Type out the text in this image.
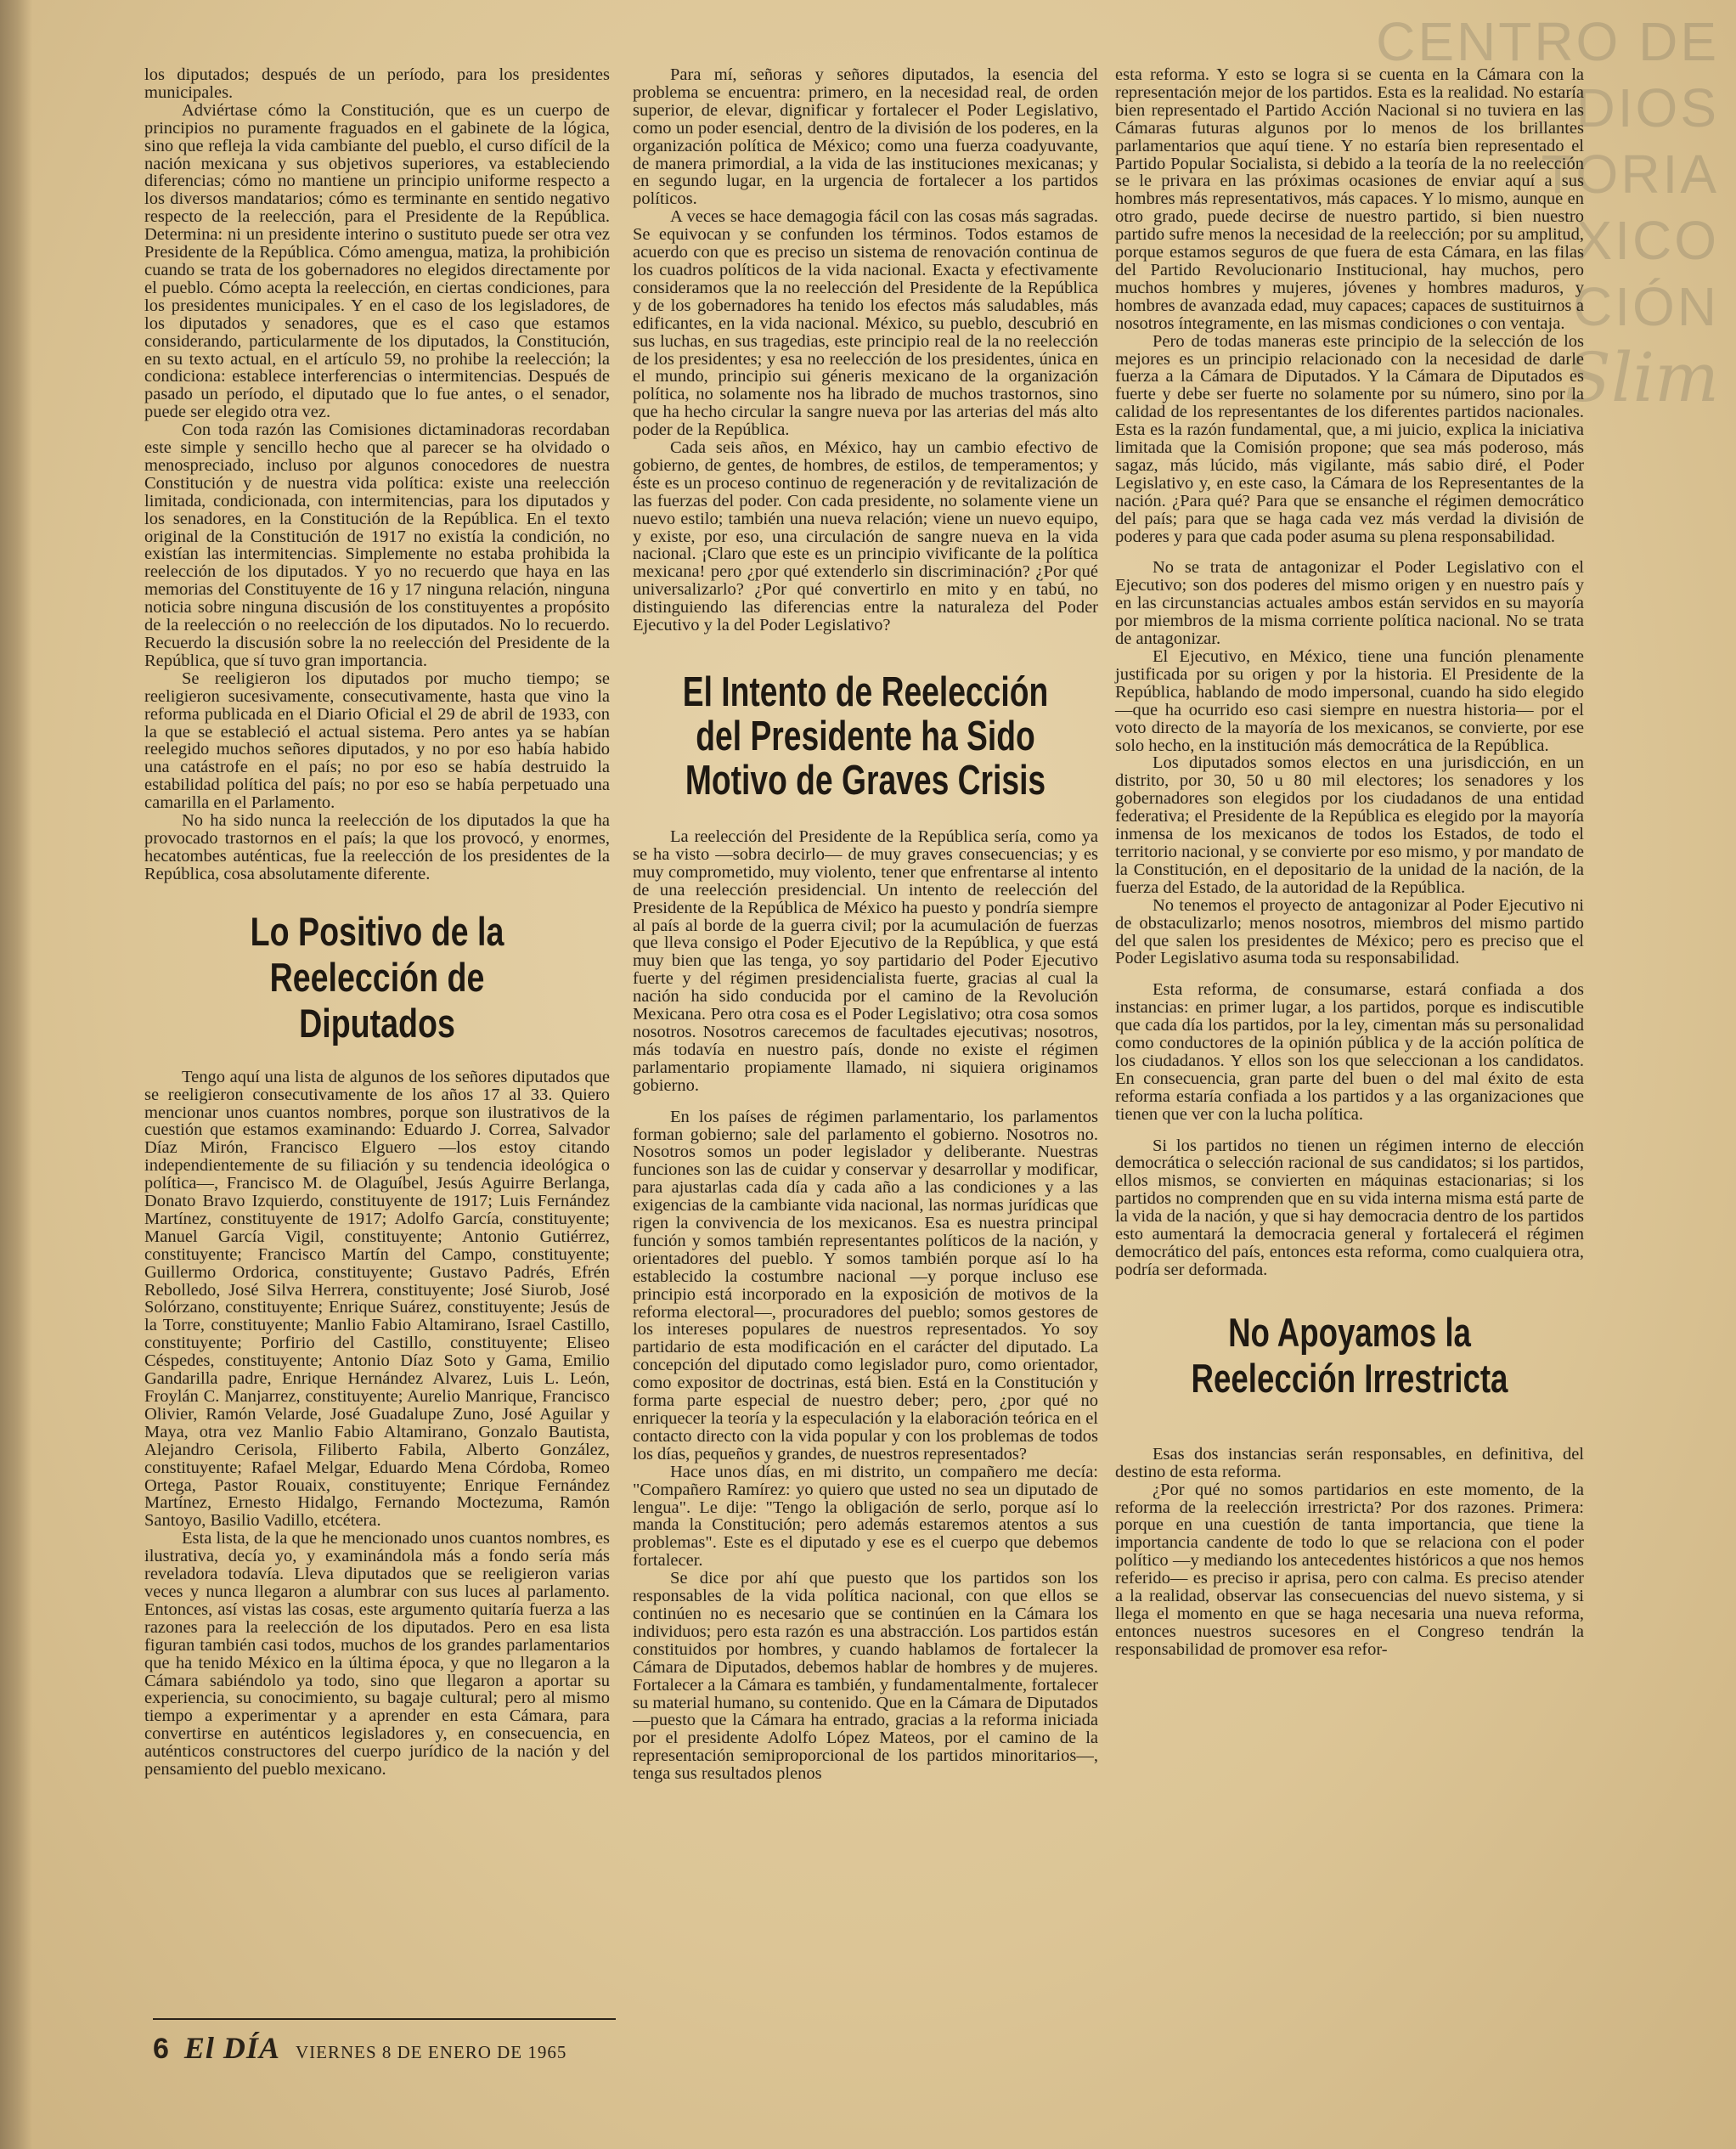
CENTRO DE
DIOS
TORIA
XICO
CIÓN
Slim

los diputados; después de un período, para los presidentes municipales.

Adviértase cómo la Constitución, que es un cuerpo de principios no puramente fraguados en el gabinete de la lógica, sino que refleja la vida cambiante del pueblo, el curso difícil de la nación mexicana y sus objetivos superiores, va estableciendo diferencias; cómo no mantiene un principio uniforme respecto a los diversos mandatarios; cómo es terminante en sentido negativo respecto de la reelección, para el Presidente de la República. Determina: ni un presidente interino o sustituto puede ser otra vez Presidente de la República. Cómo amengua, matiza, la prohibición cuando se trata de los gobernadores no elegidos directamente por el pueblo. Cómo acepta la reelección, en ciertas condiciones, para los presidentes municipales. Y en el caso de los legisladores, de los diputados y senadores, que es el caso que estamos considerando, particularmente de los diputados, la Constitución, en su texto actual, en el artículo 59, no prohibe la reelección; la condiciona: establece interferencias o intermitencias. Después de pasado un período, el diputado que lo fue antes, o el senador, puede ser elegido otra vez.

Con toda razón las Comisiones dictaminadoras recordaban este simple y sencillo hecho que al parecer se ha olvidado o menospreciado, incluso por algunos conocedores de nuestra Constitución y de nuestra vida política: existe una reelección limitada, condicionada, con intermitencias, para los diputados y los senadores, en la Constitución de la República. En el texto original de la Constitución de 1917 no existía la condición, no existían las intermitencias. Simplemente no estaba prohibida la reelección de los diputados. Y yo no recuerdo que haya en las memorias del Constituyente de 16 y 17 ninguna relación, ninguna noticia sobre ninguna discusión de los constituyentes a propósito de la reelección o no reelección de los diputados. No lo recuerdo. Recuerdo la discusión sobre la no reelección del Presidente de la República, que sí tuvo gran importancia.

Se reeligieron los diputados por mucho tiempo; se reeligieron sucesivamente, consecutivamente, hasta que vino la reforma publicada en el Diario Oficial el 29 de abril de 1933, con la que se estableció el actual sistema. Pero antes ya se habían reelegido muchos señores diputados, y no por eso había habido una catástrofe en el país; no por eso se había destruido la estabilidad política del país; no por eso se había perpetuado una camarilla en el Parlamento.

No ha sido nunca la reelección de los diputados la que ha provocado trastornos en el país; la que los provocó, y enormes, hecatombes auténticas, fue la reelección de los presidentes de la República, cosa absolutamente diferente.

Lo Positivo de la Reelección de Diputados

Tengo aquí una lista de algunos de los señores diputados que se reeligieron consecutivamente de los años 17 al 33. Quiero mencionar unos cuantos nombres, porque son ilustrativos de la cuestión que estamos examinando: Eduardo J. Correa, Salvador Díaz Mirón, Francisco Elguero —los estoy citando independientemente de su filiación y su tendencia ideológica o política—, Francisco M. de Olaguíbel, Jesús Aguirre Berlanga, Donato Bravo Izquierdo, constituyente de 1917; Luis Fernández Martínez, constituyente de 1917; Adolfo García, constituyente; Manuel García Vigil, constituyente; Antonio Gutiérrez, constituyente; Francisco Martín del Campo, constituyente; Guillermo Ordorica, constituyente; Gustavo Padrés, Efrén Rebolledo, José Silva Herrera, constituyente; José Siurob, José Solórzano, constituyente; Enrique Suárez, constituyente; Jesús de la Torre, constituyente; Manlio Fabio Altamirano, Israel Castillo, constituyente; Porfirio del Castillo, constituyente; Eliseo Céspedes, constituyente; Antonio Díaz Soto y Gama, Emilio Gandarilla padre, Enrique Hernández Alvarez, Luis L. León, Froylán C. Manjarrez, constituyente; Aurelio Manrique, Francisco Olivier, Ramón Velarde, José Guadalupe Zuno, José Aguilar y Maya, otra vez Manlio Fabio Altamirano, Gonzalo Bautista, Alejandro Cerisola, Filiberto Fabila, Alberto González, constituyente; Rafael Melgar, Eduardo Mena Córdoba, Romeo Ortega, Pastor Rouaix, constituyente; Enrique Fernández Martínez, Ernesto Hidalgo, Fernando Moctezuma, Ramón Santoyo, Basilio Vadillo, etcétera.

Esta lista, de la que he mencionado unos cuantos nombres, es ilustrativa, decía yo, y examinándola más a fondo sería más reveladora todavía. Lleva diputados que se reeligieron varias veces y nunca llegaron a alumbrar con sus luces al parlamento. Entonces, así vistas las cosas, este argumento quitaría fuerza a las razones para la reelección de los diputados. Pero en esa lista figuran también casi todos, muchos de los grandes parlamentarios que ha tenido México en la última época, y que no llegaron a la Cámara sabiéndolo ya todo, sino que llegaron a aportar su experiencia, su conocimiento, su bagaje cultural; pero al mismo tiempo a experimentar y a aprender en esta Cámara, para convertirse en auténticos legisladores y, en consecuencia, en auténticos constructores del cuerpo jurídico de la nación y del pensamiento del pueblo mexicano.

Para mí, señoras y señores diputados, la esencia del problema se encuentra: primero, en la necesidad real, de orden superior, de elevar, dignificar y fortalecer el Poder Legislativo, como un poder esencial, dentro de la división de los poderes, en la organización política de México; como una fuerza coadyuvante, de manera primordial, a la vida de las instituciones mexicanas; y en segundo lugar, en la urgencia de fortalecer a los partidos políticos.

A veces se hace demagogia fácil con las cosas más sagradas. Se equivocan y se confunden los términos. Todos estamos de acuerdo con que es preciso un sistema de renovación continua de los cuadros políticos de la vida nacional. Exacta y efectivamente consideramos que la no reelección del Presidente de la República y de los gobernadores ha tenido los efectos más saludables, más edificantes, en la vida nacional. México, su pueblo, descubrió en sus luchas, en sus tragedias, este principio real de la no reelección de los presidentes; y esa no reelección de los presidentes, única en el mundo, principio sui géneris mexicano de la organización política, no solamente nos ha librado de muchos trastornos, sino que ha hecho circular la sangre nueva por las arterias del más alto poder de la República.

Cada seis años, en México, hay un cambio efectivo de gobierno, de gentes, de hombres, de estilos, de temperamentos; y éste es un proceso continuo de regeneración y de revitalización de las fuerzas del poder. Con cada presidente, no solamente viene un nuevo estilo; también una nueva relación; viene un nuevo equipo, y existe, por eso, una circulación de sangre nueva en la vida nacional. ¡Claro que este es un principio vivificante de la política mexicana! pero ¿por qué extenderlo sin discriminación? ¿Por qué universalizarlo? ¿Por qué convertirlo en mito y en tabú, no distinguiendo las diferencias entre la naturaleza del Poder Ejecutivo y la del Poder Legislativo?

El Intento de Reelección del Presidente ha Sido Motivo de Graves Crisis

La reelección del Presidente de la República sería, como ya se ha visto —sobra decirlo— de muy graves consecuencias; y es muy comprometido, muy violento, tener que enfrentarse al intento de una reelección presidencial. Un intento de reelección del Presidente de la República de México ha puesto y pondría siempre al país al borde de la guerra civil; por la acumulación de fuerzas que lleva consigo el Poder Ejecutivo de la República, y que está muy bien que las tenga, yo soy partidario del Poder Ejecutivo fuerte y del régimen presidencialista fuerte, gracias al cual la nación ha sido conducida por el camino de la Revolución Mexicana. Pero otra cosa es el Poder Legislativo; otra cosa somos nosotros. Nosotros carecemos de facultades ejecutivas; nosotros, más todavía en nuestro país, donde no existe el régimen parlamentario propiamente llamado, ni siquiera originamos gobierno.

En los países de régimen parlamentario, los parlamentos forman gobierno; sale del parlamento el gobierno. Nosotros no. Nosotros somos un poder legislador y deliberante. Nuestras funciones son las de cuidar y conservar y desarrollar y modificar, para ajustarlas cada día y cada año a las condiciones y a las exigencias de la cambiante vida nacional, las normas jurídicas que rigen la convivencia de los mexicanos. Esa es nuestra principal función y somos también representantes políticos de la nación, y orientadores del pueblo. Y somos también porque así lo ha establecido la costumbre nacional —y porque incluso ese principio está incorporado en la exposición de motivos de la reforma electoral—, procuradores del pueblo; somos gestores de los intereses populares de nuestros representados. Yo soy partidario de esta modificación en el carácter del diputado. La concepción del diputado como legislador puro, como orientador, como expositor de doctrinas, está bien. Está en la Constitución y forma parte especial de nuestro deber; pero, ¿por qué no enriquecer la teoría y la especulación y la elaboración teórica en el contacto directo con la vida popular y con los problemas de todos los días, pequeños y grandes, de nuestros representados?

Hace unos días, en mi distrito, un compañero me decía: "Compañero Ramírez: yo quiero que usted no sea un diputado de lengua". Le dije: "Tengo la obligación de serlo, porque así lo manda la Constitución; pero además estaremos atentos a sus problemas". Este es el diputado y ese es el cuerpo que debemos fortalecer.

Se dice por ahí que puesto que los partidos son los responsables de la vida política nacional, con que ellos se continúen no es necesario que se continúen en la Cámara los individuos; pero esta razón es una abstracción. Los partidos están constituidos por hombres, y cuando hablamos de fortalecer la Cámara de Diputados, debemos hablar de hombres y de mujeres. Fortalecer a la Cámara es también, y fundamentalmente, fortalecer su material humano, su contenido. Que en la Cámara de Diputados —puesto que la Cámara ha entrado, gracias a la reforma iniciada por el presidente Adolfo López Mateos, por el camino de la representación semiproporcional de los partidos minoritarios—, tenga sus resultados plenos

esta reforma. Y esto se logra si se cuenta en la Cámara con la representación mejor de los partidos. Esta es la realidad. No estaría bien representado el Partido Acción Nacional si no tuviera en las Cámaras futuras algunos por lo menos de los brillantes parlamentarios que aquí tiene. Y no estaría bien representado el Partido Popular Socialista, si debido a la teoría de la no reelección se le privara en las próximas ocasiones de enviar aquí a sus hombres más representativos, más capaces. Y lo mismo, aunque en otro grado, puede decirse de nuestro partido, si bien nuestro partido sufre menos la necesidad de la reelección; por su amplitud, porque estamos seguros de que fuera de esta Cámara, en las filas del Partido Revolucionario Institucional, hay muchos, pero muchos hombres y mujeres, jóvenes y hombres maduros, y hombres de avanzada edad, muy capaces; capaces de sustituirnos a nosotros íntegramente, en las mismas condiciones o con ventaja.

Pero de todas maneras este principio de la selección de los mejores es un principio relacionado con la necesidad de darle fuerza a la Cámara de Diputados. Y la Cámara de Diputados es fuerte y debe ser fuerte no solamente por su número, sino por la calidad de los representantes de los diferentes partidos nacionales. Esta es la razón fundamental, que, a mi juicio, explica la iniciativa limitada que la Comisión propone; que sea más poderoso, más sagaz, más lúcido, más vigilante, más sabio diré, el Poder Legislativo y, en este caso, la Cámara de los Representantes de la nación. ¿Para qué? Para que se ensanche el régimen democrático del país; para que se haga cada vez más verdad la división de poderes y para que cada poder asuma su plena responsabilidad.

No se trata de antagonizar el Poder Legislativo con el Ejecutivo; son dos poderes del mismo origen y en nuestro país y en las circunstancias actuales ambos están servidos en su mayoría por miembros de la misma corriente política nacional. No se trata de antagonizar.

El Ejecutivo, en México, tiene una función plenamente justificada por su origen y por la historia. El Presidente de la República, hablando de modo impersonal, cuando ha sido elegido —que ha ocurrido eso casi siempre en nuestra historia— por el voto directo de la mayoría de los mexicanos, se convierte, por ese solo hecho, en la institución más democrática de la República.

Los diputados somos electos en una jurisdicción, en un distrito, por 30, 50 u 80 mil electores; los senadores y los gobernadores son elegidos por los ciudadanos de una entidad federativa; el Presidente de la República es elegido por la mayoría inmensa de los mexicanos de todos los Estados, de todo el territorio nacional, y se convierte por eso mismo, y por mandato de la Constitución, en el depositario de la unidad de la nación, de la fuerza del Estado, de la autoridad de la República.

No tenemos el proyecto de antagonizar al Poder Ejecutivo ni de obstaculizarlo; menos nosotros, miembros del mismo partido del que salen los presidentes de México; pero es preciso que el Poder Legislativo asuma toda su responsabilidad.

Esta reforma, de consumarse, estará confiada a dos instancias: en primer lugar, a los partidos, porque es indiscutible que cada día los partidos, por la ley, cimentan más su personalidad como conductores de la opinión pública y de la acción política de los ciudadanos. Y ellos son los que seleccionan a los candidatos. En consecuencia, gran parte del buen o del mal éxito de esta reforma estaría confiada a los partidos y a las organizaciones que tienen que ver con la lucha política.

Si los partidos no tienen un régimen interno de elección democrática o selección racional de sus candidatos; si los partidos, ellos mismos, se convierten en máquinas estacionarias; si los partidos no comprenden que en su vida interna misma está parte de la vida de la nación, y que si hay democracia dentro de los partidos esto aumentará la democracia general y fortalecerá el régimen democrático del país, entonces esta reforma, como cualquiera otra, podría ser deformada.

No Apoyamos la Reelección Irrestricta

Esas dos instancias serán responsables, en definitiva, del destino de esta reforma.

¿Por qué no somos partidarios en este momento, de la reforma de la reelección irrestricta? Por dos razones. Primera: porque en una cuestión de tanta importancia, que tiene la importancia candente de todo lo que se relaciona con el poder político —y mediando los antecedentes históricos a que nos hemos referido— es preciso ir aprisa, pero con calma. Es preciso atender a la realidad, observar las consecuencias del nuevo sistema, y si llega el momento en que se haga necesaria una nueva reforma, entonces nuestros sucesores en el Congreso tendrán la responsabilidad de promover esa refor-

6 El DÍA VIERNES 8 DE ENERO DE 1965
